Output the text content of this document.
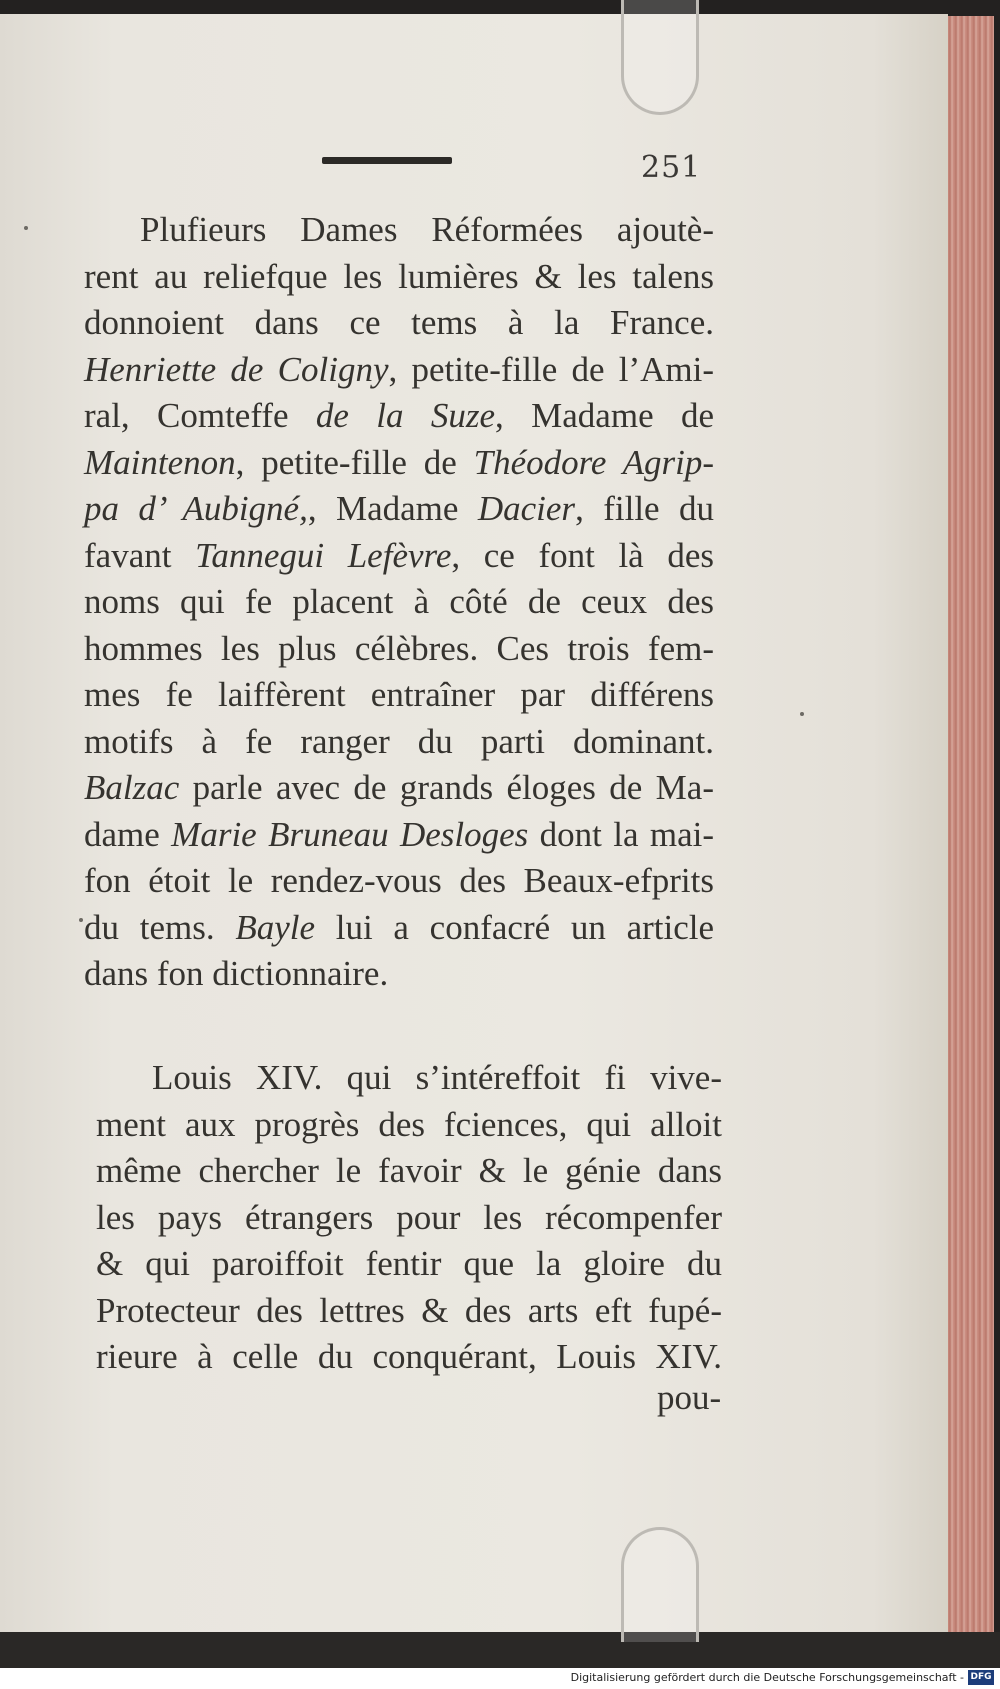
251
Plufieurs Dames Réformées ajoutè-
rent au reliefque les lumières & les talens
donnoient dans ce tems à la France.
Henriette de Coligny, petite-fille de l’Ami-
ral, Comteffe de la Suze, Madame de
Maintenon, petite-fille de Théodore Agrip-
pa d’ Aubigné,, Madame Dacier, fille du
favant Tannegui Lefèvre, ce font là des
noms qui fe placent à côté de ceux des
hommes les plus célèbres. Ces trois fem-
mes fe laiffèrent entraîner par différens
motifs à fe ranger du parti dominant.
Balzac parle avec de grands éloges de Ma-
dame Marie Bruneau Desloges dont la mai-
fon étoit le rendez-vous des Beaux-efprits
du tems. Bayle lui a confacré un article
dans fon dictionnaire.
Louis XIV. qui s’intéreffoit fi vive-
ment aux progrès des fciences, qui alloit
même chercher le favoir & le génie dans
les pays étrangers pour les récompenfer
& qui paroiffoit fentir que la gloire du
Protecteur des lettres & des arts eft fupé-
rieure à celle du conquérant, Louis XIV.
pou-
Digitalisierung gefördert durch die Deutsche Forschungsgemeinschaft - DFG
